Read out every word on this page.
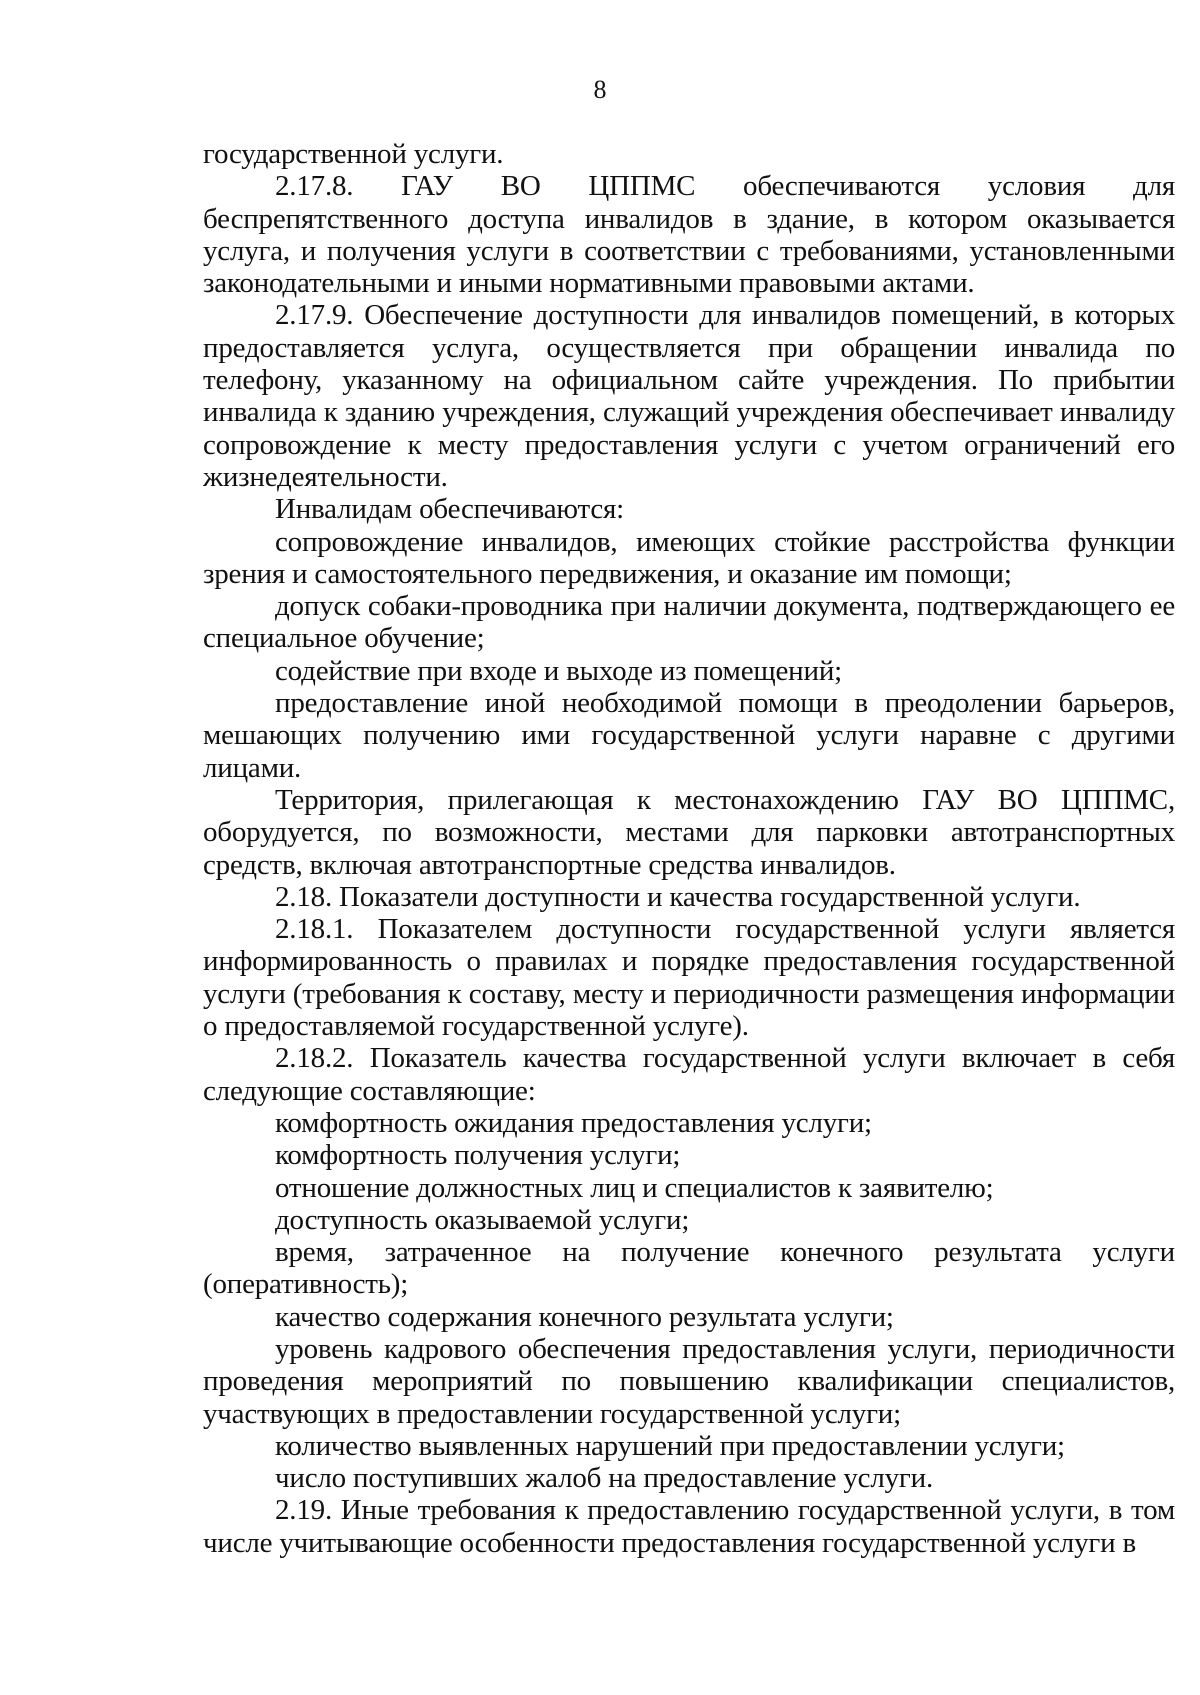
8

государственной услуги.

2.17.8. ГАУ ВО ЦППМС обеспечиваются условия для беспрепятственного доступа инвалидов в здание, в котором оказывается услуга, и получения услуги в соответствии с требованиями, установленными законодательными и иными нормативными правовыми актами.

2.17.9. Обеспечение доступности для инвалидов помещений, в которых предоставляется услуга, осуществляется при обращении инвалида по телефону, указанному на официальном сайте учреждения. По прибытии инвалида к зданию учреждения, служащий учреждения обеспечивает инвалиду сопровождение к месту предоставления услуги с учетом ограничений его жизнедеятельности.

Инвалидам обеспечиваются:

сопровождение инвалидов, имеющих стойкие расстройства функции зрения и самостоятельного передвижения, и оказание им помощи;

допуск собаки-проводника при наличии документа, подтверждающего ее специальное обучение;

содействие при входе и выходе из помещений;

предоставление иной необходимой помощи в преодолении барьеров, мешающих получению ими государственной услуги наравне с другими лицами.

Территория, прилегающая к местонахождению ГАУ ВО ЦППМС, оборудуется, по возможности, местами для парковки автотранспортных средств, включая автотранспортные средства инвалидов.

2.18. Показатели доступности и качества государственной услуги.

2.18.1. Показателем доступности государственной услуги является информированность о правилах и порядке предоставления государственной услуги (требования к составу, месту и периодичности размещения информации о предоставляемой государственной услуге).

2.18.2. Показатель качества государственной услуги включает в себя следующие составляющие:

комфортность ожидания предоставления услуги;

комфортность получения услуги;

отношение должностных лиц и специалистов к заявителю;

доступность оказываемой услуги;

время, затраченное на получение конечного результата услуги (оперативность);

качество содержания конечного результата услуги;

уровень кадрового обеспечения предоставления услуги, периодичности проведения мероприятий по повышению квалификации специалистов, участвующих в предоставлении государственной услуги;

количество выявленных нарушений при предоставлении услуги;

число поступивших жалоб на предоставление услуги.

2.19. Иные требования к предоставлению государственной услуги, в том числе учитывающие особенности предоставления государственной услуги в
